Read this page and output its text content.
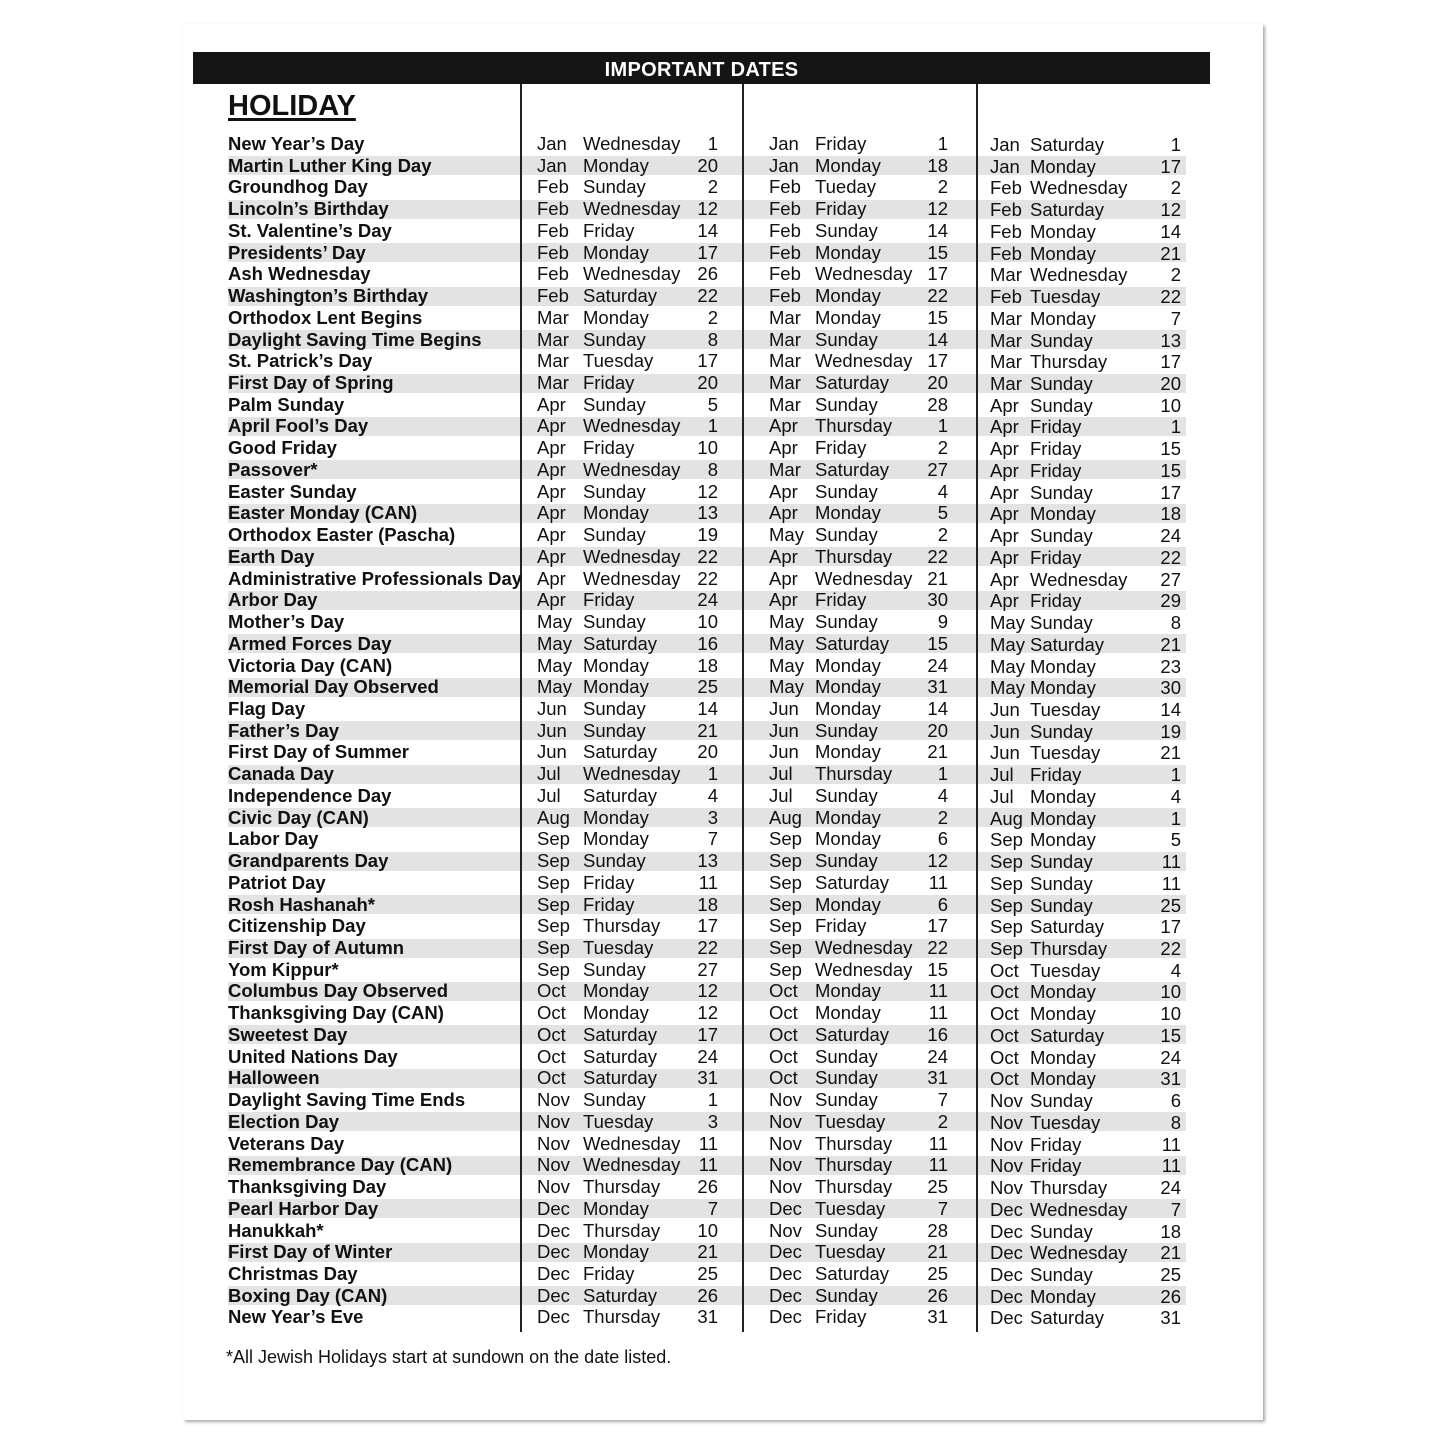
IMPORTANT DATES
HOLIDAY
New Year’s Day	Jan Wednesday	1	Jan Friday	1 Jan Saturday	1
Martin Luther King Day	Jan Monday	20	Jan Monday	18 Jan Monday	17
Groundhog Day	Feb Sunday	2	Feb Tueday	2 Feb Wednesday	2
Lincoln’s Birthday	Feb Wednesday 12	Feb Friday	12 Feb Saturday	12
St. Valentine’s Day	Feb Friday	14	Feb Sunday	14 Feb Monday	14
Presidents’ Day	Feb Monday	17	Feb Monday	15 Feb Monday	21
Ash Wednesday	Feb Wednesday 26	Feb Wednesday 17 Mar Wednesday	2
Washington’s Birthday	Feb Saturday	22	Feb Monday	22 Feb Tuesday	22
Orthodox Lent Begins	Mar Monday	2	Mar Monday	15 Mar Monday	7
Daylight Saving Time Begins	Mar Sunday	8	Mar Sunday	14 Mar Sunday	13
St. Patrick’s Day	Mar Tuesday	17	Mar Wednesday 17 Mar Thursday	17
First Day of Spring	Mar Friday	20	Mar Saturday	20 Mar Sunday	20
Palm Sunday	Apr Sunday	5	Mar Sunday	28 Apr Sunday	10
April Fool’s Day	Apr Wednesday	1	Apr Thursday	1 Apr Friday	1
Good Friday	Apr Friday	10	Apr Friday	2 Apr Friday	15
Passover*	Apr Wednesday	8	Mar Saturday	27 Apr Friday	15
Easter Sunday	Apr Sunday	12	Apr Sunday	4 Apr Sunday	17
Easter Monday (CAN)	Apr Monday	13	Apr Monday	5 Apr Monday	18
Orthodox Easter (Pascha)	Apr Sunday	19	May Sunday	2 Apr Sunday	24
Earth Day	Apr Wednesday 22	Apr Thursday	22 Apr Friday	22
Administrative Professionals Day Apr Wednesday 22	Apr Wednesday 21 Apr Wednesday	27
Arbor Day	Apr Friday	24	Apr Friday	30 Apr Friday	29
Mother’s Day	May Sunday	10	May Sunday	9 May Sunday	8
Armed Forces Day	May Saturday	16	May Saturday	15 May Saturday	21
Victoria Day (CAN)	May Monday	18	May Monday	24 May Monday	23
Memorial Day Observed	May Monday	25	May Monday	31 May Monday	30
Flag Day	Jun Sunday	14	Jun Monday	14 Jun Tuesday	14
Father’s Day	Jun Sunday	21	Jun Sunday	20 Jun Sunday	19
First Day of Summer	Jun Saturday	20	Jun Monday	21 Jun Tuesday	21
Canada Day	Jul Wednesday	1	Jul Thursday	1 Jul Friday	1
Independence Day	Jul Saturday	4	Jul Sunday	4 Jul Monday	4
Civic Day (CAN)	Aug Monday	3	Aug Monday	2 Aug Monday	1
Labor Day	Sep Monday	7	Sep Monday	6 Sep Monday	5
Grandparents Day	Sep Sunday	13	Sep Sunday	12 Sep Sunday	11
Patriot Day	Sep Friday	11	Sep Saturday	11 Sep Sunday	11
Rosh Hashanah*	Sep Friday	18	Sep Monday	6 Sep Sunday	25
Citizenship Day	Sep Thursday	17	Sep Friday	17 Sep Saturday	17
First Day of Autumn	Sep Tuesday	22	Sep Wednesday 22 Sep Thursday	22
Yom Kippur*	Sep Sunday	27	Sep Wednesday 15 Oct Tuesday	4
Columbus Day Observed	Oct Monday	12	Oct Monday	11 Oct Monday	10
Thanksgiving Day (CAN)	Oct Monday	12	Oct Monday	11 Oct Monday	10
Sweetest Day	Oct Saturday	17	Oct Saturday	16 Oct Saturday	15
United Nations Day	Oct Saturday	24	Oct Sunday	24 Oct Monday	24
Halloween	Oct Saturday	31	Oct Sunday	31 Oct Monday	31
Daylight Saving Time Ends	Nov Sunday	1	Nov Sunday	7 Nov Sunday	6
Election Day	Nov Tuesday	3	Nov Tuesday	2 Nov Tuesday	8
Veterans Day	Nov Wednesday 11	Nov Thursday	11 Nov Friday	11
Remembrance Day (CAN)	Nov Wednesday 11	Nov Thursday	11 Nov Friday	11
Thanksgiving Day	Nov Thursday	26	Nov Thursday	25 Nov Thursday	24
Pearl Harbor Day	Dec Monday	7	Dec Tuesday	7 Dec Wednesday	7
Hanukkah*	Dec Thursday	10	Nov Sunday	28 Dec Sunday	18
First Day of Winter	Dec Monday	21	Dec Tuesday	21 Dec Wednesday	21
Christmas Day	Dec Friday	25	Dec Saturday	25 Dec Sunday	25
Boxing Day (CAN)	Dec Saturday	26	Dec Sunday	26 Dec Monday	26
New Year’s Eve	Dec Thursday	31	Dec Friday	31 Dec Saturday	31
*All Jewish Holidays start at sundown on the date listed.
